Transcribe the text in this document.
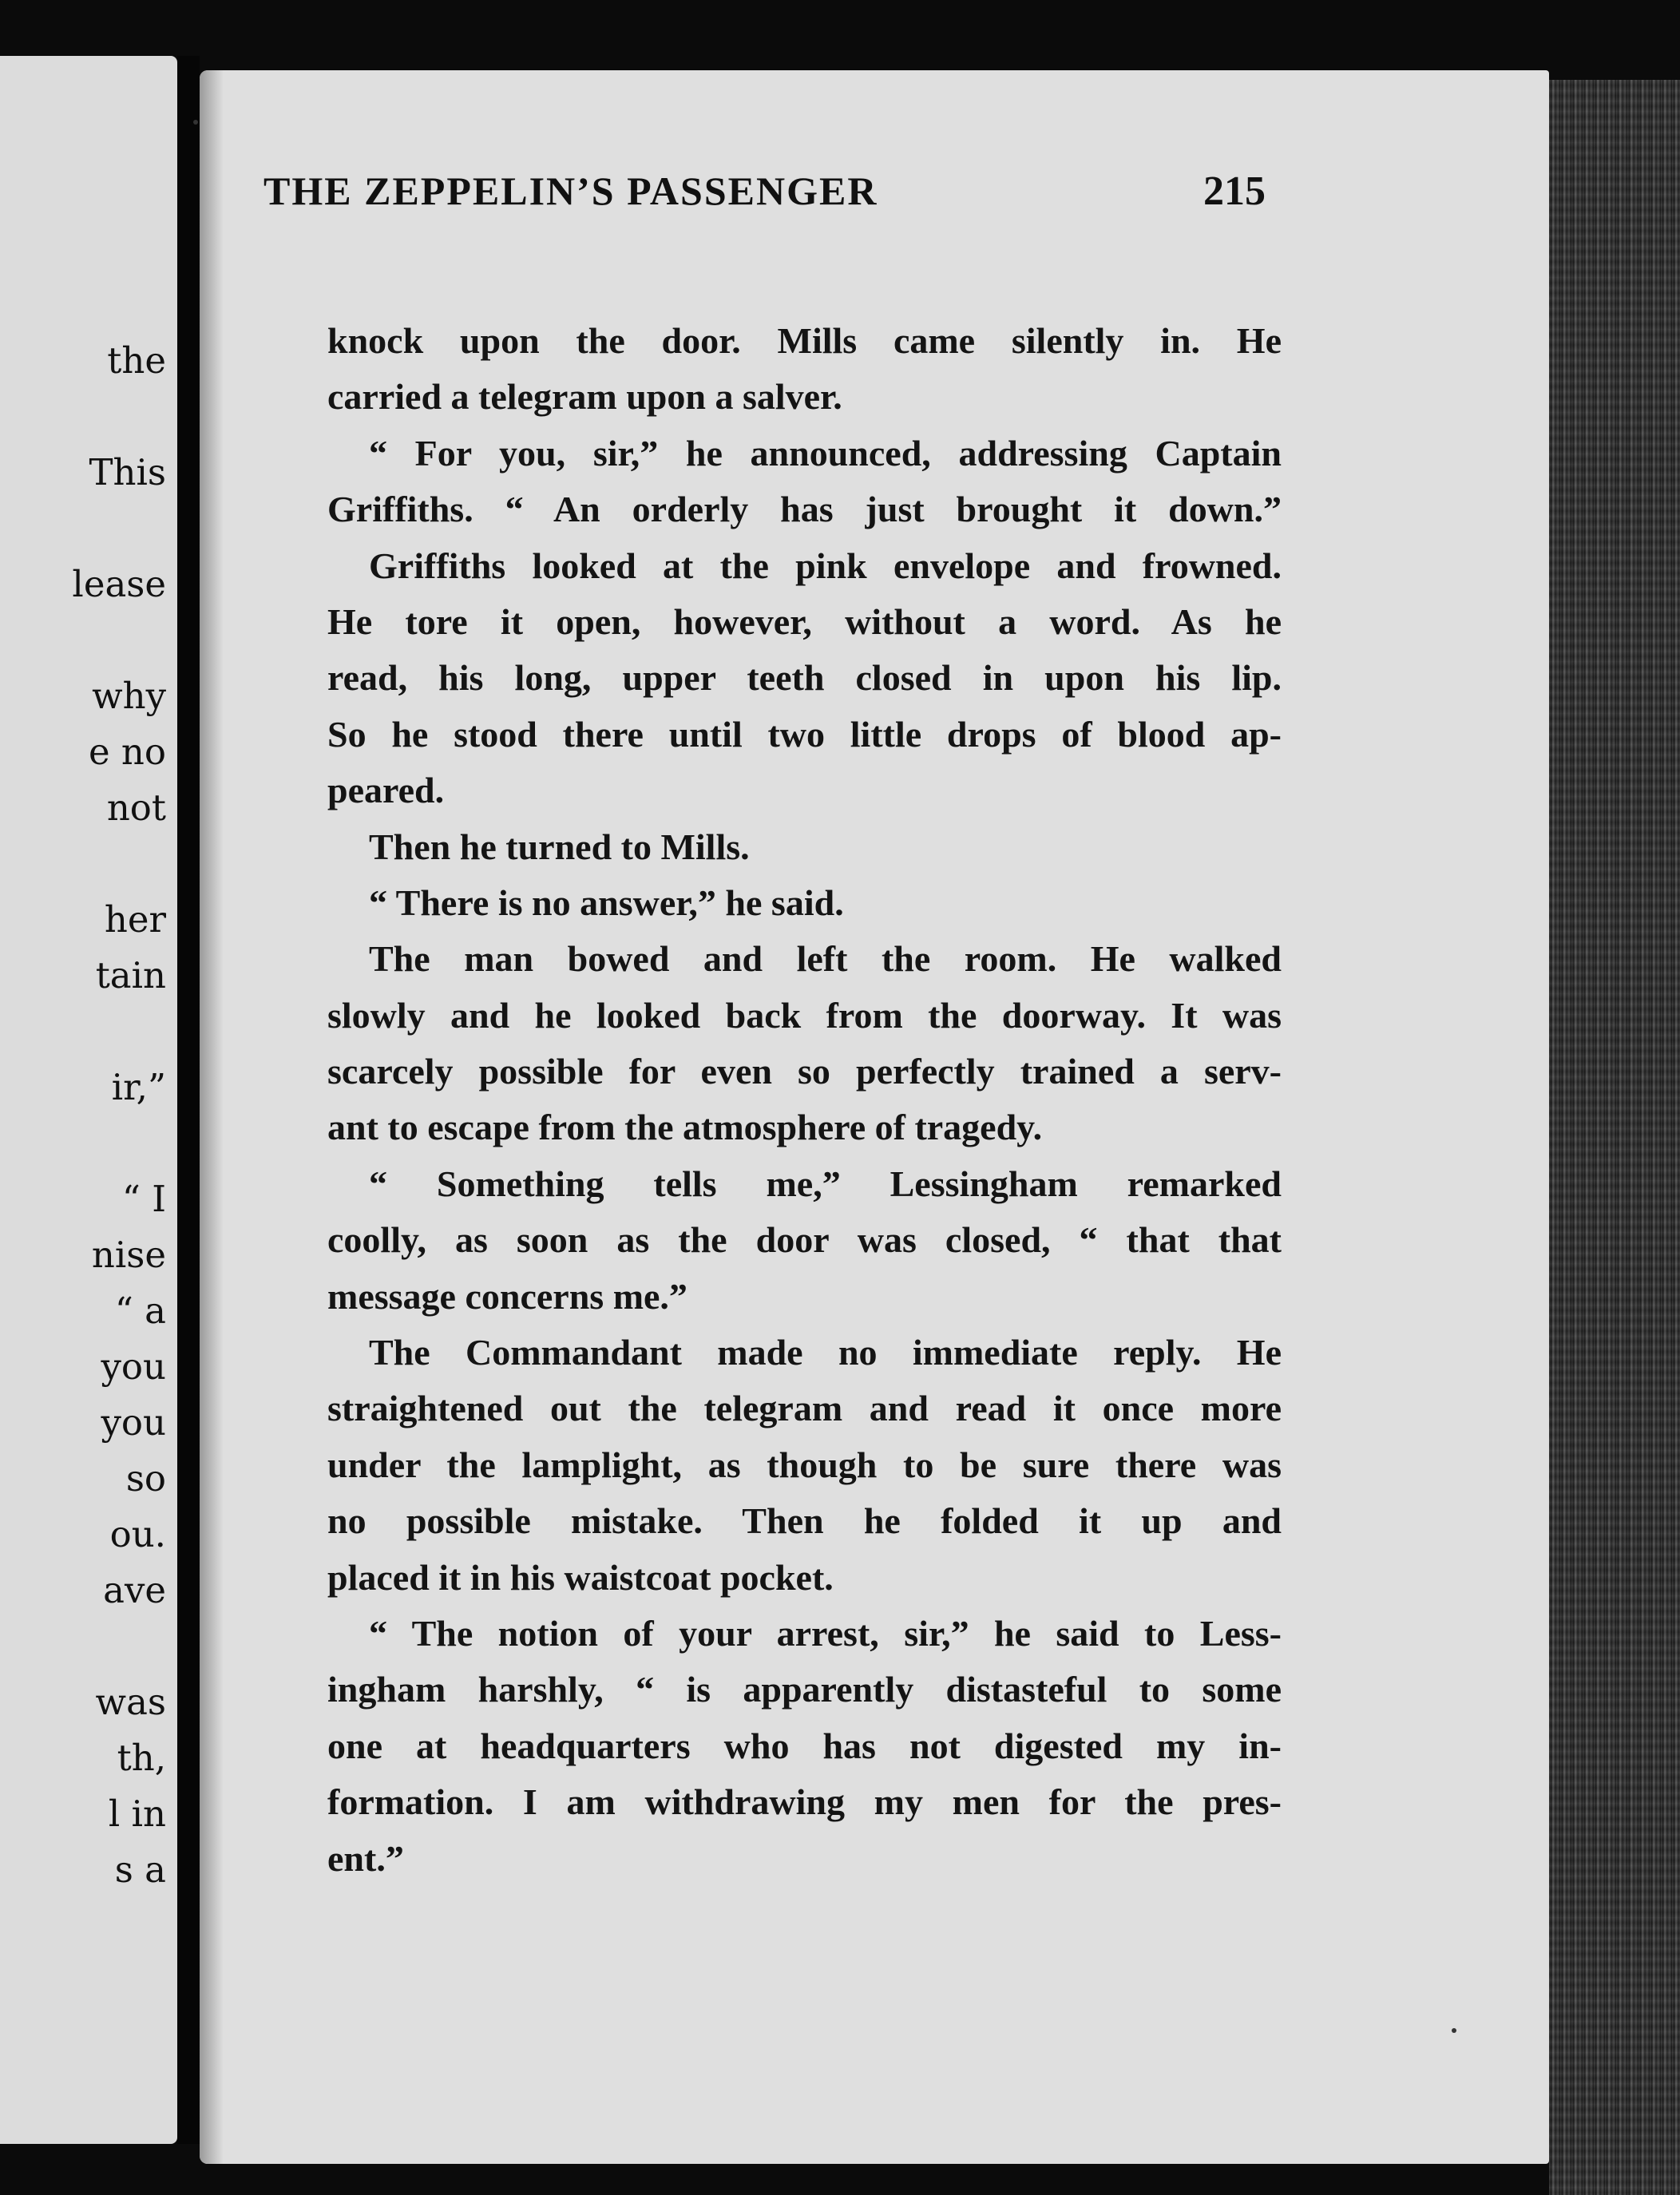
the
This
lease
why
e no
not
her
tain
ir,”
“ I
nise
“ a
you
you
so
ou.
ave
was
th,
l in
s a
THE ZEPPELIN’S PASSENGER	215
knock upon the door. Mills came silently in. He
carried a telegram upon a salver.
“ For you, sir,” he announced, addressing Captain
Griffiths. “ An orderly has just brought it down.”
Griffiths looked at the pink envelope and frowned.
He tore it open, however, without a word. As he
read, his long, upper teeth closed in upon his lip.
So he stood there until two little drops of blood ap-
peared.
Then he turned to Mills.
“ There is no answer,” he said.
The man bowed and left the room. He walked
slowly and he looked back from the doorway. It was
scarcely possible for even so perfectly trained a serv-
ant to escape from the atmosphere of tragedy.
“ Something tells me,” Lessingham remarked
coolly, as soon as the door was closed, “ that that
message concerns me.”
The Commandant made no immediate reply. He
straightened out the telegram and read it once more
under the lamplight, as though to be sure there was
no possible mistake. Then he folded it up and
placed it in his waistcoat pocket.
“ The notion of your arrest, sir,” he said to Less-
ingham harshly, “ is apparently distasteful to some
one at headquarters who has not digested my in-
formation. I am withdrawing my men for the pres-
ent.”
